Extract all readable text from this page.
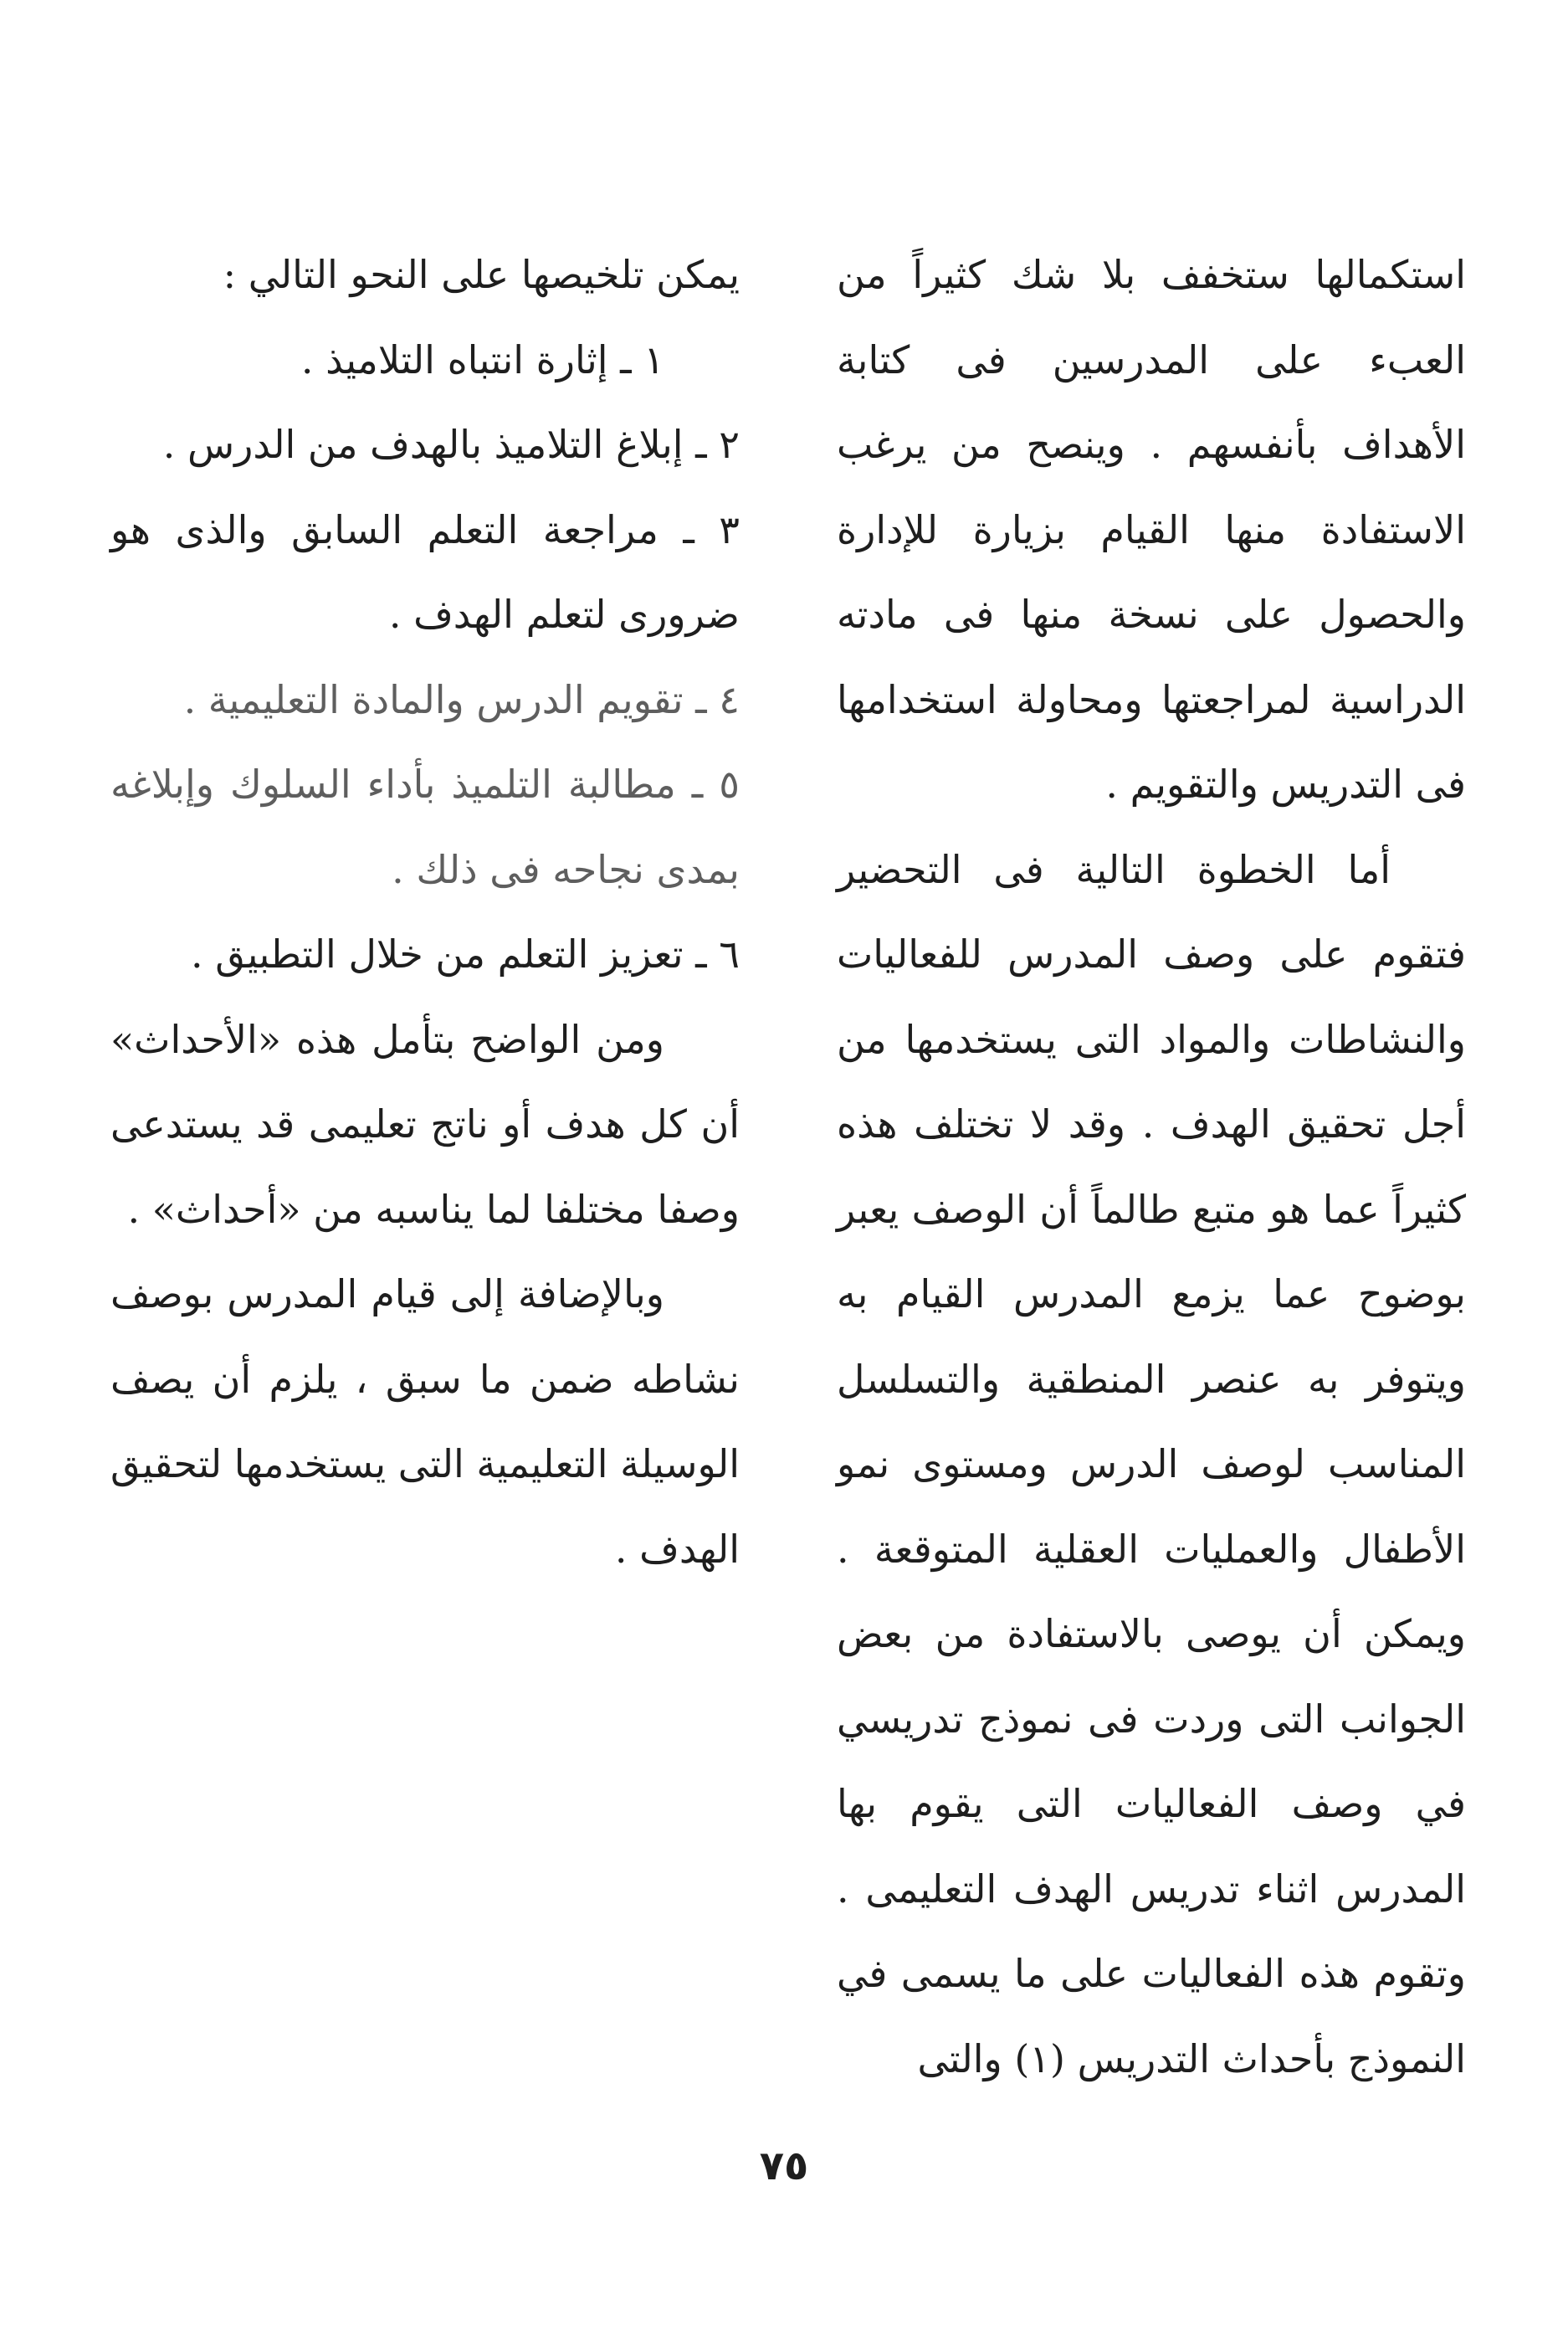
استكمالها ستخفف بلا شك كثيراً من العبء على المدرسين فى كتابة الأهداف بأنفسهم . وينصح من يرغب الاستفادة منها القيام بزيارة للإدارة والحصول على نسخة منها فى مادته الدراسية لمراجعتها ومحاولة استخدامها فى التدريس والتقويم .

أما الخطوة التالية فى التحضير فتقوم على وصف المدرس للفعاليات والنشاطات والمواد التى يستخدمها من أجل تحقيق الهدف . وقد لا تختلف هذه كثيراً عما هو متبع طالماً أن الوصف يعبر بوضوح عما يزمع المدرس القيام به ويتوفر به عنصر المنطقية والتسلسل المناسب لوصف الدرس ومستوى نمو الأطفال والعمليات العقلية المتوقعة . ويمكن أن يوصى بالاستفادة من بعض الجوانب التى وردت فى نموذج تدريسي في وصف الفعاليات التى يقوم بها المدرس اثناء تدريس الهدف التعليمى . وتقوم هذه الفعاليات على ما يسمى في النموذج بأحداث التدريس (١) والتى

يمكن تلخيصها على النحو التالي :

١ ـ إثارة انتباه التلاميذ .

٢ ـ إبلاغ التلاميذ بالهدف من الدرس .

٣ ـ مراجعة التعلم السابق والذى هو ضرورى لتعلم الهدف .

٤ ـ تقويم الدرس والمادة التعليمية .

٥ ـ مطالبة التلميذ بأداء السلوك وإبلاغه بمدى نجاحه فى ذلك .

٦ ـ تعزيز التعلم من خلال التطبيق .

ومن الواضح بتأمل هذه «الأحداث» أن كل هدف أو ناتج تعليمى قد يستدعى وصفا مختلفا لما يناسبه من «أحداث» .

وبالإضافة إلى قيام المدرس بوصف نشاطه ضمن ما سبق ، يلزم أن يصف الوسيلة التعليمية التى يستخدمها لتحقيق الهدف .

٧٥
